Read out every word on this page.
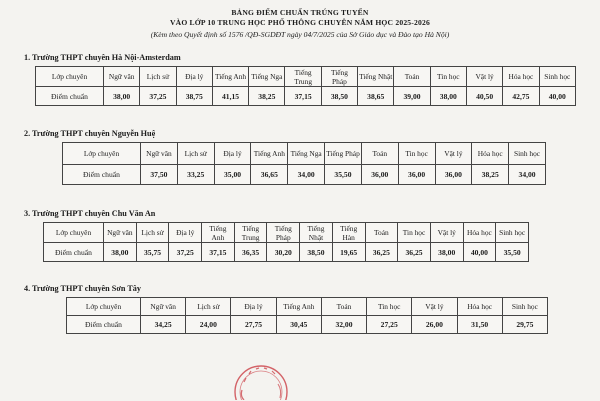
BẢNG ĐIỂM CHUẨN TRÚNG TUYỂN
VÀO LỚP 10 TRUNG HỌC PHỔ THÔNG CHUYÊN NĂM HỌC 2025-2026
(Kèm theo Quyết định số 1576 /QĐ-SGDĐT ngày 04/7/2025 của Sở Giáo dục và Đào tạo Hà Nội)
1. Trường THPT chuyên Hà Nội-Amsterdam
Lớp chuyên	Ngữ văn	Lịch sử	Địa lý	Tiếng Anh	Tiếng Nga	Tiếng Trung	Tiếng Pháp	Tiếng Nhật	Toán	Tin học	Vật lý	Hóa học	Sinh học
Điểm chuẩn	38,00	37,25	38,75	41,15	38,25	37,15	38,50	38,65	39,00	38,00	40,50	42,75	40,00
2. Trường THPT chuyên Nguyễn Huệ
Lớp chuyên	Ngữ văn	Lịch sử	Địa lý	Tiếng Anh	Tiếng Nga	Tiếng Pháp	Toán	Tin học	Vật lý	Hóa học	Sinh học
Điểm chuẩn	37,50	33,25	35,00	36,65	34,00	35,50	36,00	36,00	36,00	38,25	34,00
3. Trường THPT chuyên Chu Văn An
Lớp chuyên	Ngữ văn	Lịch sử	Địa lý	Tiếng Anh	Tiếng Trung	Tiếng Pháp	Tiếng Nhật	Tiếng Hàn	Toán	Tin học	Vật lý	Hóa học	Sinh học
Điểm chuẩn	38,00	35,75	37,25	37,15	36,35	30,20	38,50	19,65	36,25	36,25	38,00	40,00	35,50
4. Trường THPT chuyên Sơn Tây
Lớp chuyên	Ngữ văn	Lịch sử	Địa lý	Tiếng Anh	Toán	Tin học	Vật lý	Hóa học	Sinh học
Điểm chuẩn	34,25	24,00	27,75	30,45	32,00	27,25	26,00	31,50	29,75
